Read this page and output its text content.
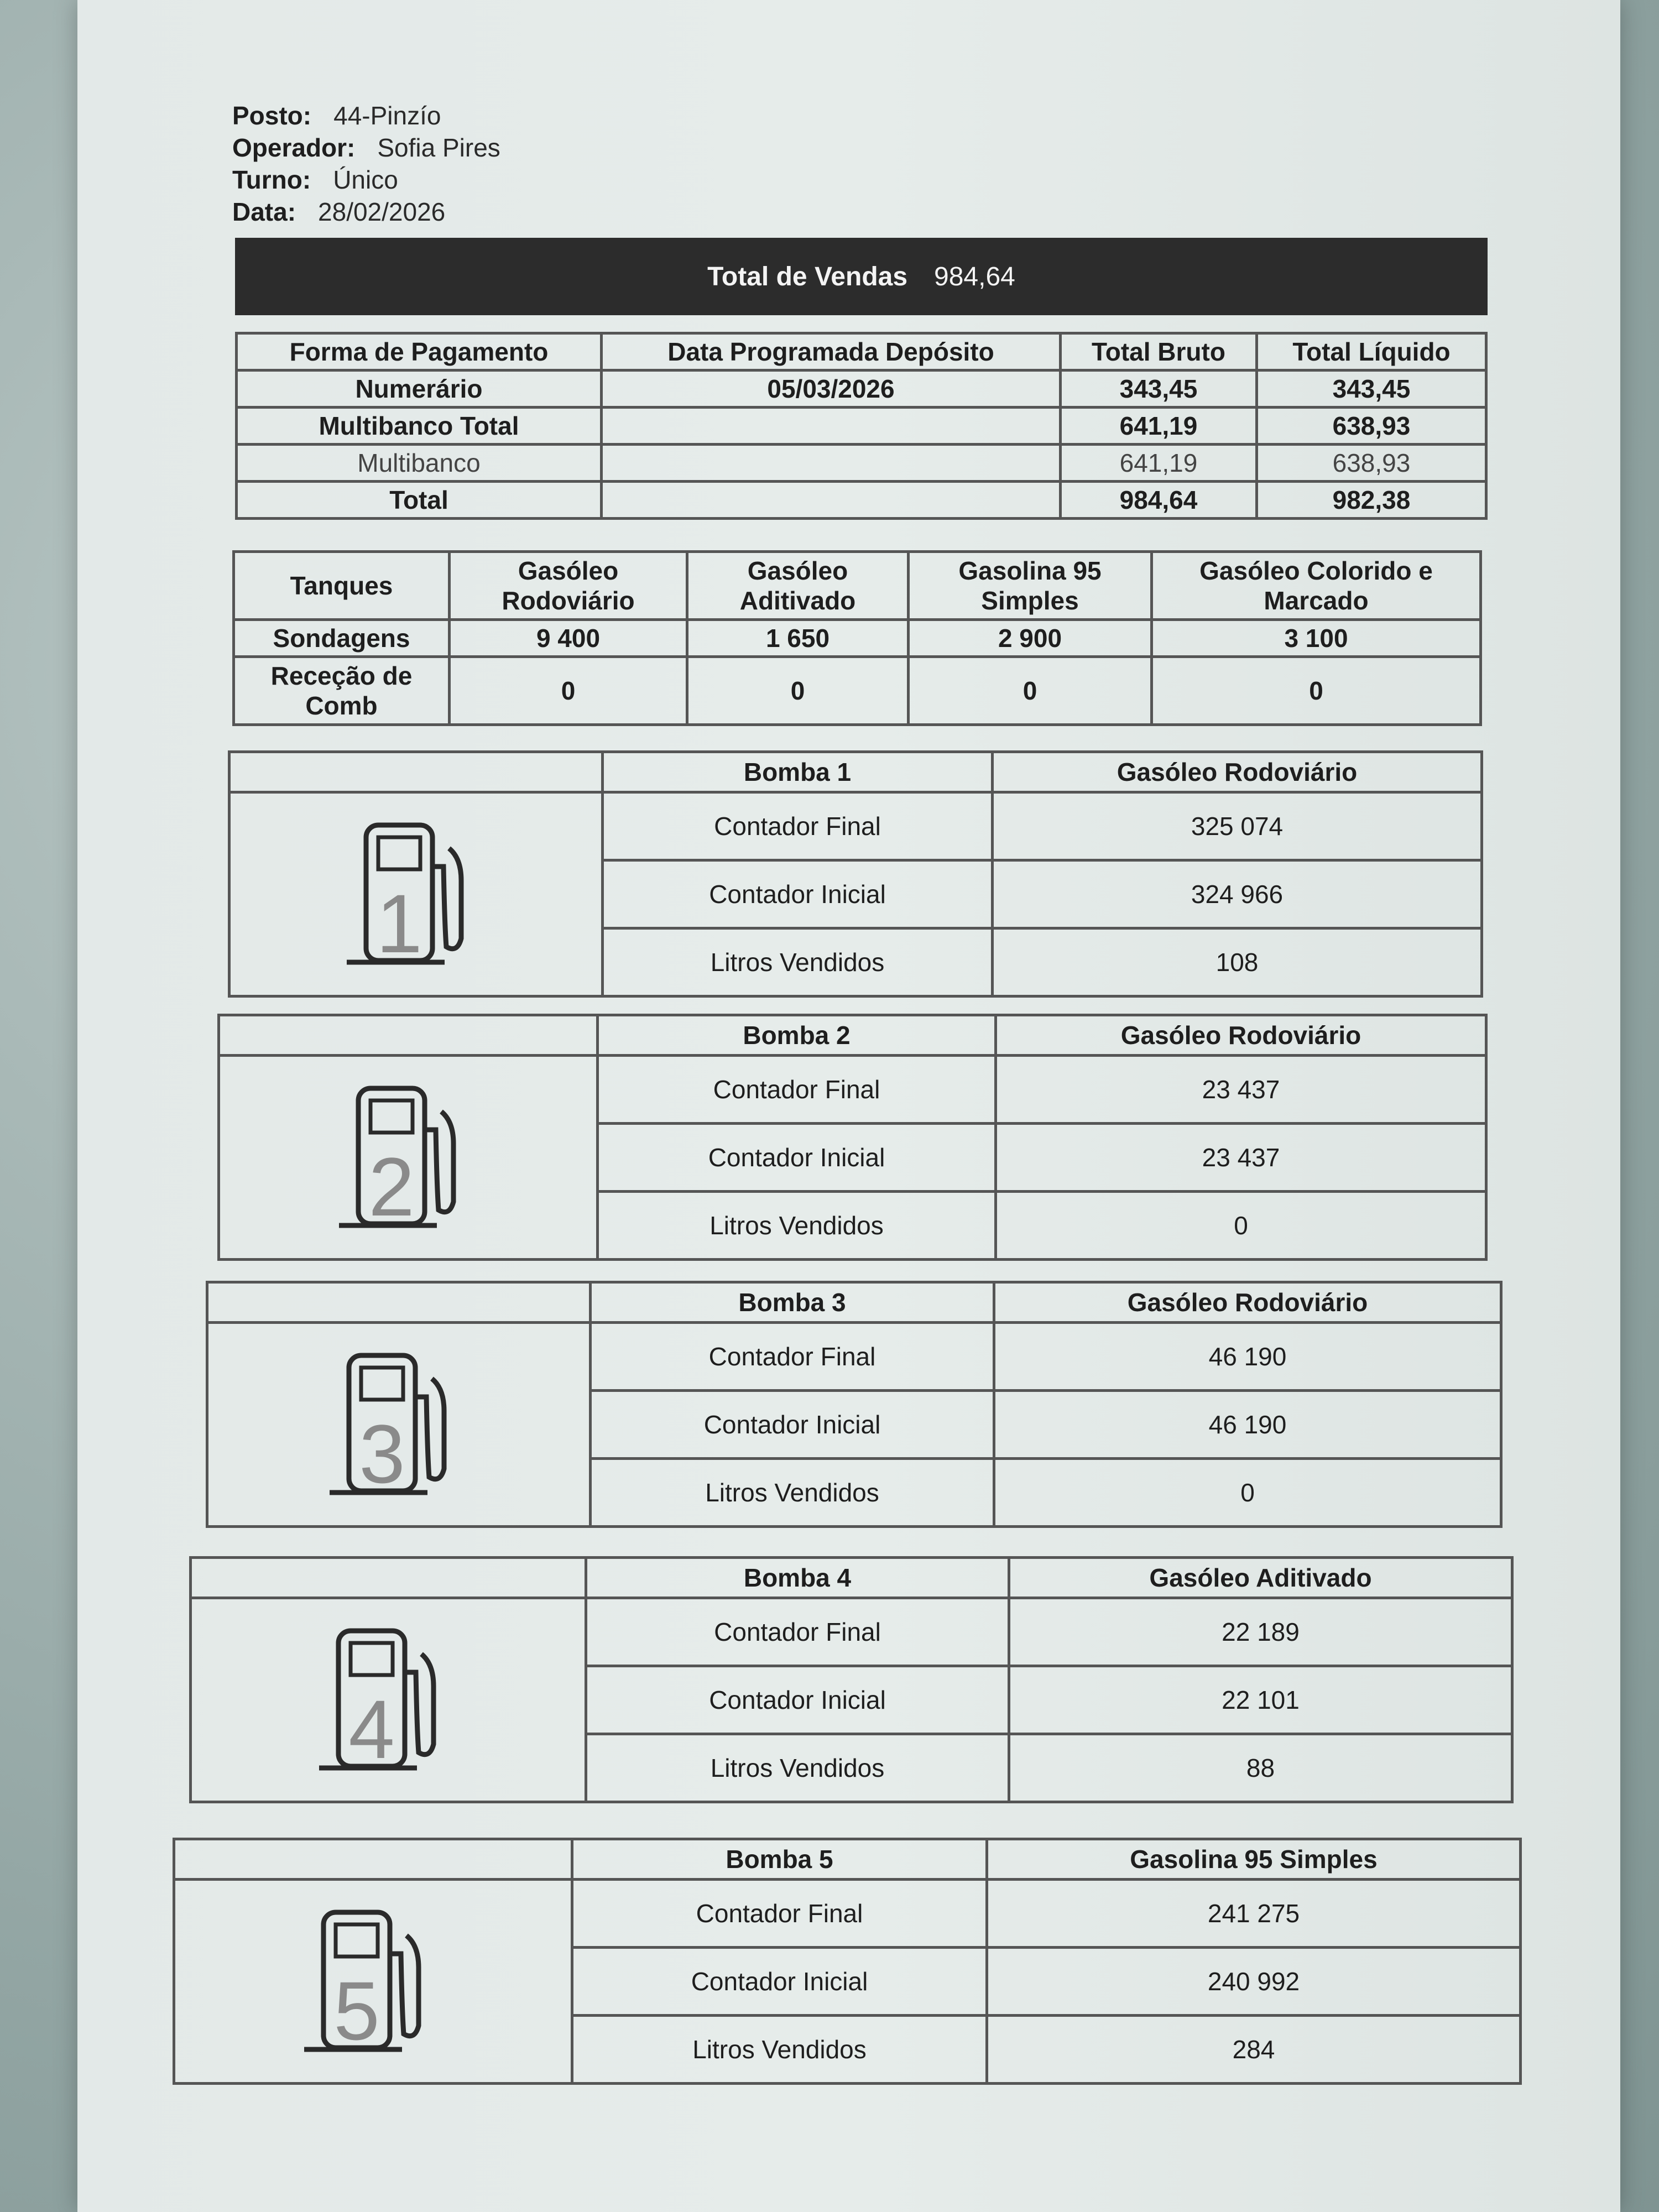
Posto: 44-Pinzío
Operador: Sofia Pires
Turno: Único
Data: 28/02/2026
Total de Vendas 984,64
Forma de Pagamento	Data Programada Depósito	Total Bruto	Total Líquido
Numerário	05/03/2026	343,45	343,45
Multibanco Total		641,19	638,93
Multibanco		641,19	638,93
Total		984,64	982,38
Tanques	Gasóleo Rodoviário	Gasóleo Aditivado	Gasolina 95 Simples	Gasóleo Colorido e Marcado
Sondagens	9 400	1 650	2 900	3 100
Receção de Comb	0	0	0	0
	Bomba 1	Gasóleo Rodoviário

1	Contador Final	325 074
	Contador Inicial	324 966
	Litros Vendidos	108
	Bomba 2	Gasóleo Rodoviário

2	Contador Final	23 437
	Contador Inicial	23 437
	Litros Vendidos	0
	Bomba 3	Gasóleo Rodoviário

3	Contador Final	46 190
	Contador Inicial	46 190
	Litros Vendidos	0
	Bomba 4	Gasóleo Aditivado

4	Contador Final	22 189
	Contador Inicial	22 101
	Litros Vendidos	88
	Bomba 5	Gasolina 95 Simples

5	Contador Final	241 275
	Contador Inicial	240 992
	Litros Vendidos	284
